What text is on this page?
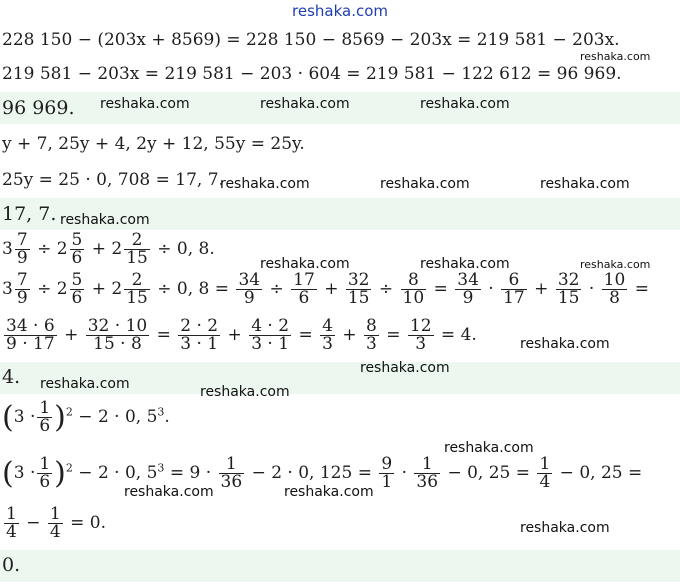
reshaka.com
228 150 − (203x + 8569) = 228 150 − 8569 − 203x = 219 581 − 203x.
219 581 − 203x = 219 581 − 203 · 604 = 219 581 − 122 612 = 96 969.
96 969.
y + 7, 25y + 4, 2y + 12, 55y = 25y.
25y = 25 · 0, 708 = 17, 7.
17, 7.
$3 \frac{7}{9} \div 2 \frac{5}{6} + 2 \frac{2}{15} \div 0$, 8.
$3 \frac{7}{9} \div 2 \frac{5}{6} + 2 \frac{2}{15} \div 0$, $8 = \frac{34}{9} \div \frac{17}{6} + \frac{32}{15} \div \frac{8}{10} = \frac{34}{9} \cdot \frac{6}{17} + \frac{32}{15} \cdot \frac{10}{8}$ =
$\frac{34 \cdot 6}{9 \cdot 17} + \frac{32 \cdot 10}{15 \cdot 8} = \frac{2 \cdot 2}{3 \cdot 1} + \frac{4 \cdot 2}{3 \cdot 1} = \frac{4}{3} + \frac{8}{3} = \frac{12}{3} = 4$.
4.
$(3 \cdot \frac{1}{6} )^2 - 2 \cdot 0$, $5^3$.
$(3 \cdot \frac{1}{6} )^2 - 2 \cdot 0$, $5^3 = 9 \cdot \frac{1}{36} - 2 \cdot 0$, $125 = \frac{9}{1} \cdot \frac{1}{36} - 0$, $25 = \frac{1}{4} - 0$, 25 =
$\frac{1}{4} - \frac{1}{4} = 0$.
0.
reshaka.com
reshaka.com	reshaka.com	reshaka.com
reshaka.com	reshaka.com	reshaka.com
reshaka.com
reshaka.com	reshaka.com	reshaka.com
reshaka.com
reshaka.com
reshaka.com	reshaka.com
reshaka.com
reshaka.com	reshaka.com
reshaka.com
